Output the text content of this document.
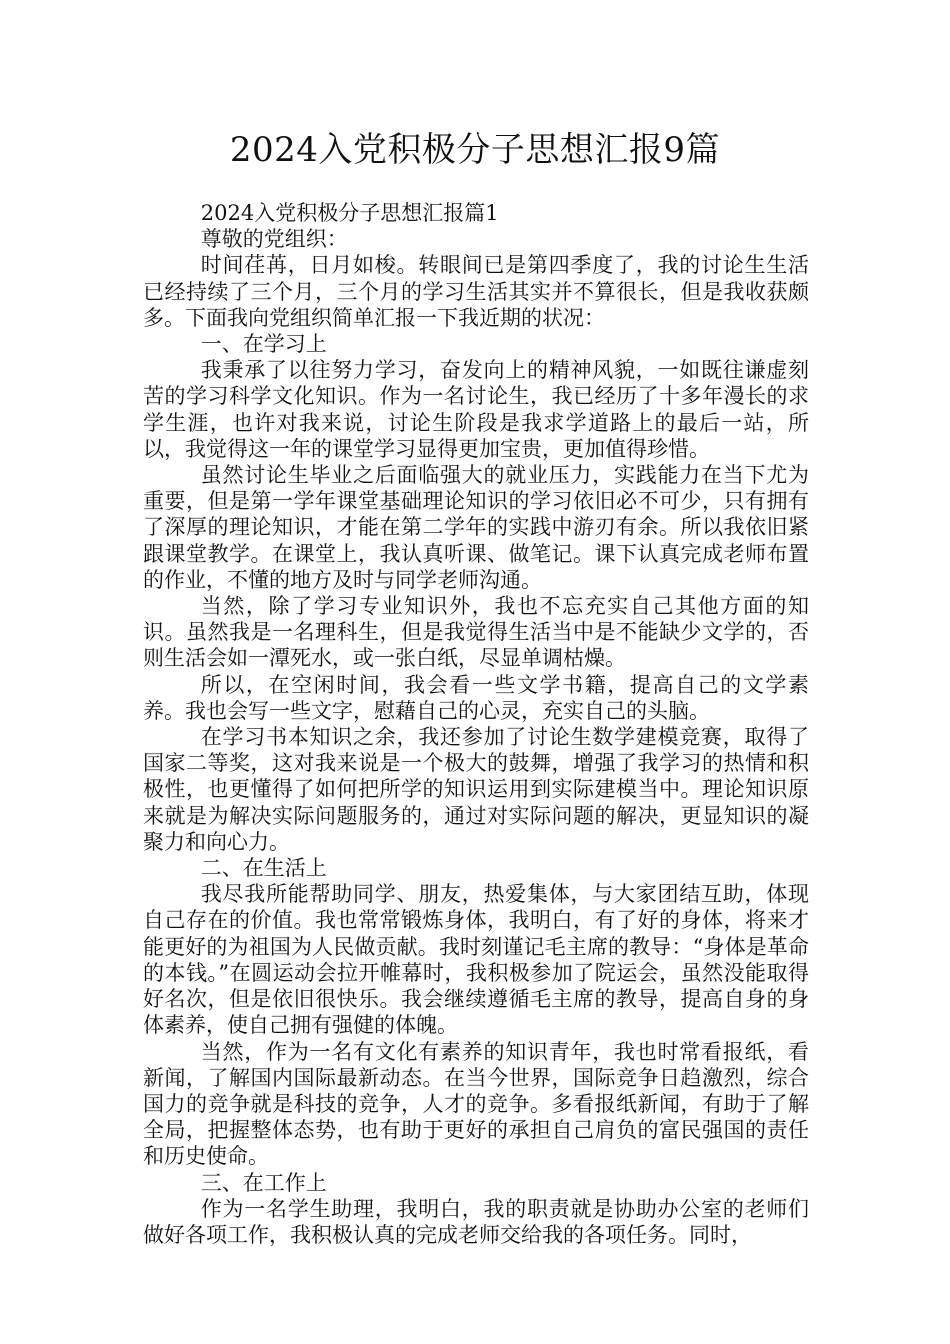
2024入党积极分子思想汇报9篇

2024入党积极分子思想汇报篇1

尊敬的党组织：

时间荏苒，日月如梭。转眼间已是第四季度了，我的讨论生生活已经持续了三个月，三个月的学习生活其实并不算很长，但是我收获颇多。下面我向党组织简单汇报一下我近期的状况：

一、在学习上

我秉承了以往努力学习，奋发向上的精神风貌，一如既往谦虚刻苦的学习科学文化知识。作为一名讨论生，我已经历了十多年漫长的求学生涯，也许对我来说，讨论生阶段是我求学道路上的最后一站，所以，我觉得这一年的课堂学习显得更加宝贵，更加值得珍惜。

虽然讨论生毕业之后面临强大的就业压力，实践能力在当下尤为重要，但是第一学年课堂基础理论知识的学习依旧必不可少，只有拥有了深厚的理论知识，才能在第二学年的实践中游刃有余。所以我依旧紧跟课堂教学。在课堂上，我认真听课、做笔记。课下认真完成老师布置的作业，不懂的地方及时与同学老师沟通。

当然，除了学习专业知识外，我也不忘充实自己其他方面的知识。虽然我是一名理科生，但是我觉得生活当中是不能缺少文学的，否则生活会如一潭死水，或一张白纸，尽显单调枯燥。

所以，在空闲时间，我会看一些文学书籍，提高自己的文学素养。我也会写一些文字，慰藉自己的心灵，充实自己的头脑。

在学习书本知识之余，我还参加了讨论生数学建模竞赛，取得了国家二等奖，这对我来说是一个极大的鼓舞，增强了我学习的热情和积极性，也更懂得了如何把所学的知识运用到实际建模当中。理论知识原来就是为解决实际问题服务的，通过对实际问题的解决，更显知识的凝聚力和向心力。

二、在生活上

我尽我所能帮助同学、朋友，热爱集体，与大家团结互助，体现自己存在的价值。我也常常锻炼身体，我明白，有了好的身体，将来才能更好的为祖国为人民做贡献。我时刻谨记毛主席的教导：“身体是革命的本钱。”在圆运动会拉开帷幕时，我积极参加了院运会，虽然没能取得好名次，但是依旧很快乐。我会继续遵循毛主席的教导，提高自身的身体素养，使自己拥有强健的体魄。

当然，作为一名有文化有素养的知识青年，我也时常看报纸，看新闻，了解国内国际最新动态。在当今世界，国际竞争日趋激烈，综合国力的竞争就是科技的竞争，人才的竞争。多看报纸新闻，有助于了解全局，把握整体态势，也有助于更好的承担自己肩负的富民强国的责任和历史使命。

三、在工作上

作为一名学生助理，我明白，我的职责就是协助办公室的老师们做好各项工作，我积极认真的完成老师交给我的各项任务。同时，
